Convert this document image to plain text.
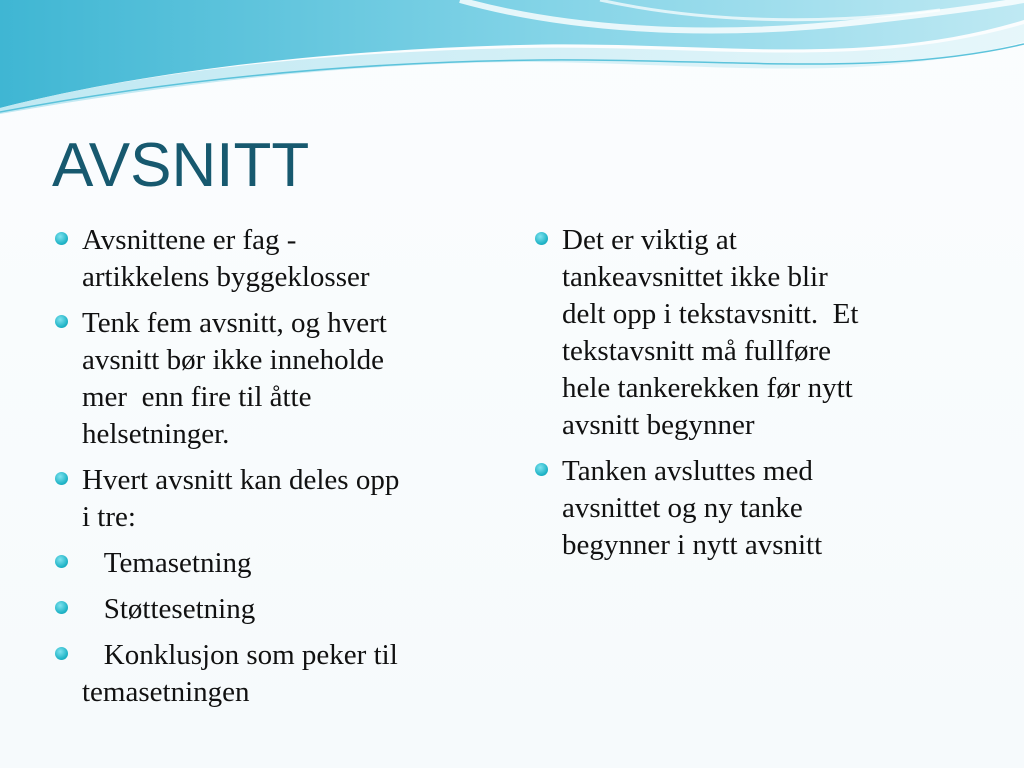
AVSNITT
Avsnittene er fag -
artikkelens byggeklosser
Tenk fem avsnitt, og hvert
avsnitt bør ikke inneholde
mer  enn fire til åtte
helsetninger.
Hvert avsnitt kan deles opp
i tre:
Temasetning
Støttesetning
Konklusjon som peker til
temasetningen
Det er viktig at
tankeavsnittet ikke blir
delt opp i tekstavsnitt.  Et
tekstavsnitt må fullføre
hele tankerekken før nytt
avsnitt begynner
Tanken avsluttes med
avsnittet og ny tanke
begynner i nytt avsnitt
